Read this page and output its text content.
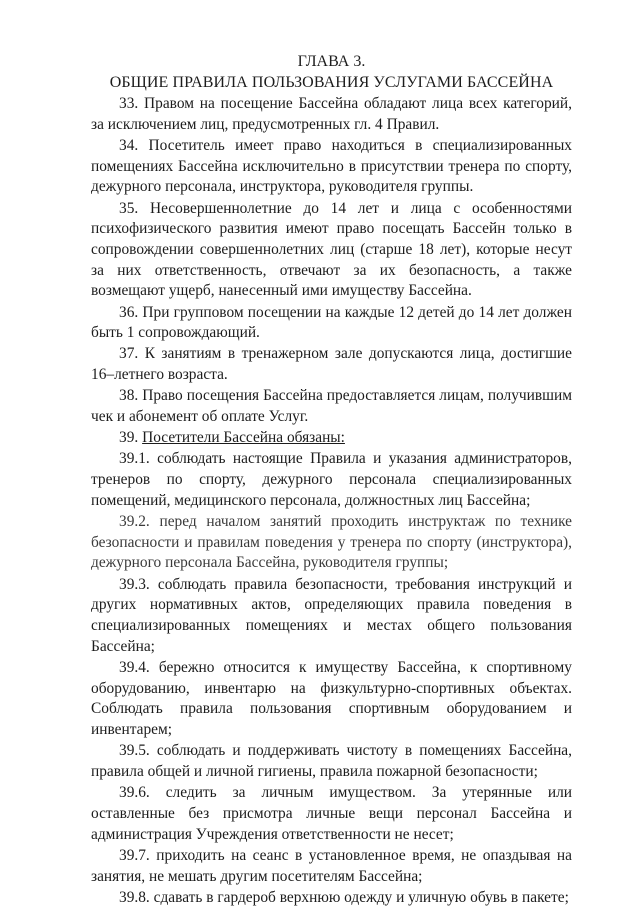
ГЛАВА 3.
ОБЩИЕ ПРАВИЛА ПОЛЬЗОВАНИЯ УСЛУГАМИ БАССЕЙНА

33. Правом на посещение Бассейна обладают лица всех категорий, за исключением лиц, предусмотренных гл. 4 Правил.

34. Посетитель имеет право находиться в специализированных помещениях Бассейна исключительно в присутствии тренера по спорту, дежурного персонала, инструктора, руководителя группы.

35. Несовершеннолетние до 14 лет и лица с особенностями психофизического развития имеют право посещать Бассейн только в сопровождении совершеннолетних лиц (старше 18 лет), которые несут за них ответственность, отвечают за их безопасность, а также возмещают ущерб, нанесенный ими имуществу Бассейна.

36. При групповом посещении на каждые 12 детей до 14 лет должен быть 1 сопровождающий.

37. К занятиям в тренажерном зале допускаются лица, достигшие 16–летнего возраста.

38. Право посещения Бассейна предоставляется лицам, получившим чек и абонемент об оплате Услуг.

39. Посетители Бассейна обязаны:

39.1. соблюдать настоящие Правила и указания администраторов, тренеров по спорту, дежурного персонала специализированных помещений, медицинского персонала, должностных лиц Бассейна;

39.2. перед началом занятий проходить инструктаж по технике безопасности и правилам поведения у тренера по спорту (инструктора), дежурного персонала Бассейна, руководителя группы;

39.3. соблюдать правила безопасности, требования инструкций и других нормативных актов, определяющих правила поведения в специализированных помещениях и местах общего пользования Бассейна;

39.4. бережно относится к имуществу Бассейна, к спортивному оборудованию, инвентарю на физкультурно-спортивных объектах. Соблюдать правила пользования спортивным оборудованием и инвентарем;

39.5. соблюдать и поддерживать чистоту в помещениях Бассейна, правила общей и личной гигиены, правила пожарной безопасности;

39.6. следить за личным имуществом. За утерянные или оставленные без присмотра личные вещи персонал Бассейна и администрация Учреждения ответственности не несет;

39.7. приходить на сеанс в установленное время, не опаздывая на занятия, не мешать другим посетителям Бассейна;

39.8. сдавать в гардероб верхнюю одежду и уличную обувь в пакете;
